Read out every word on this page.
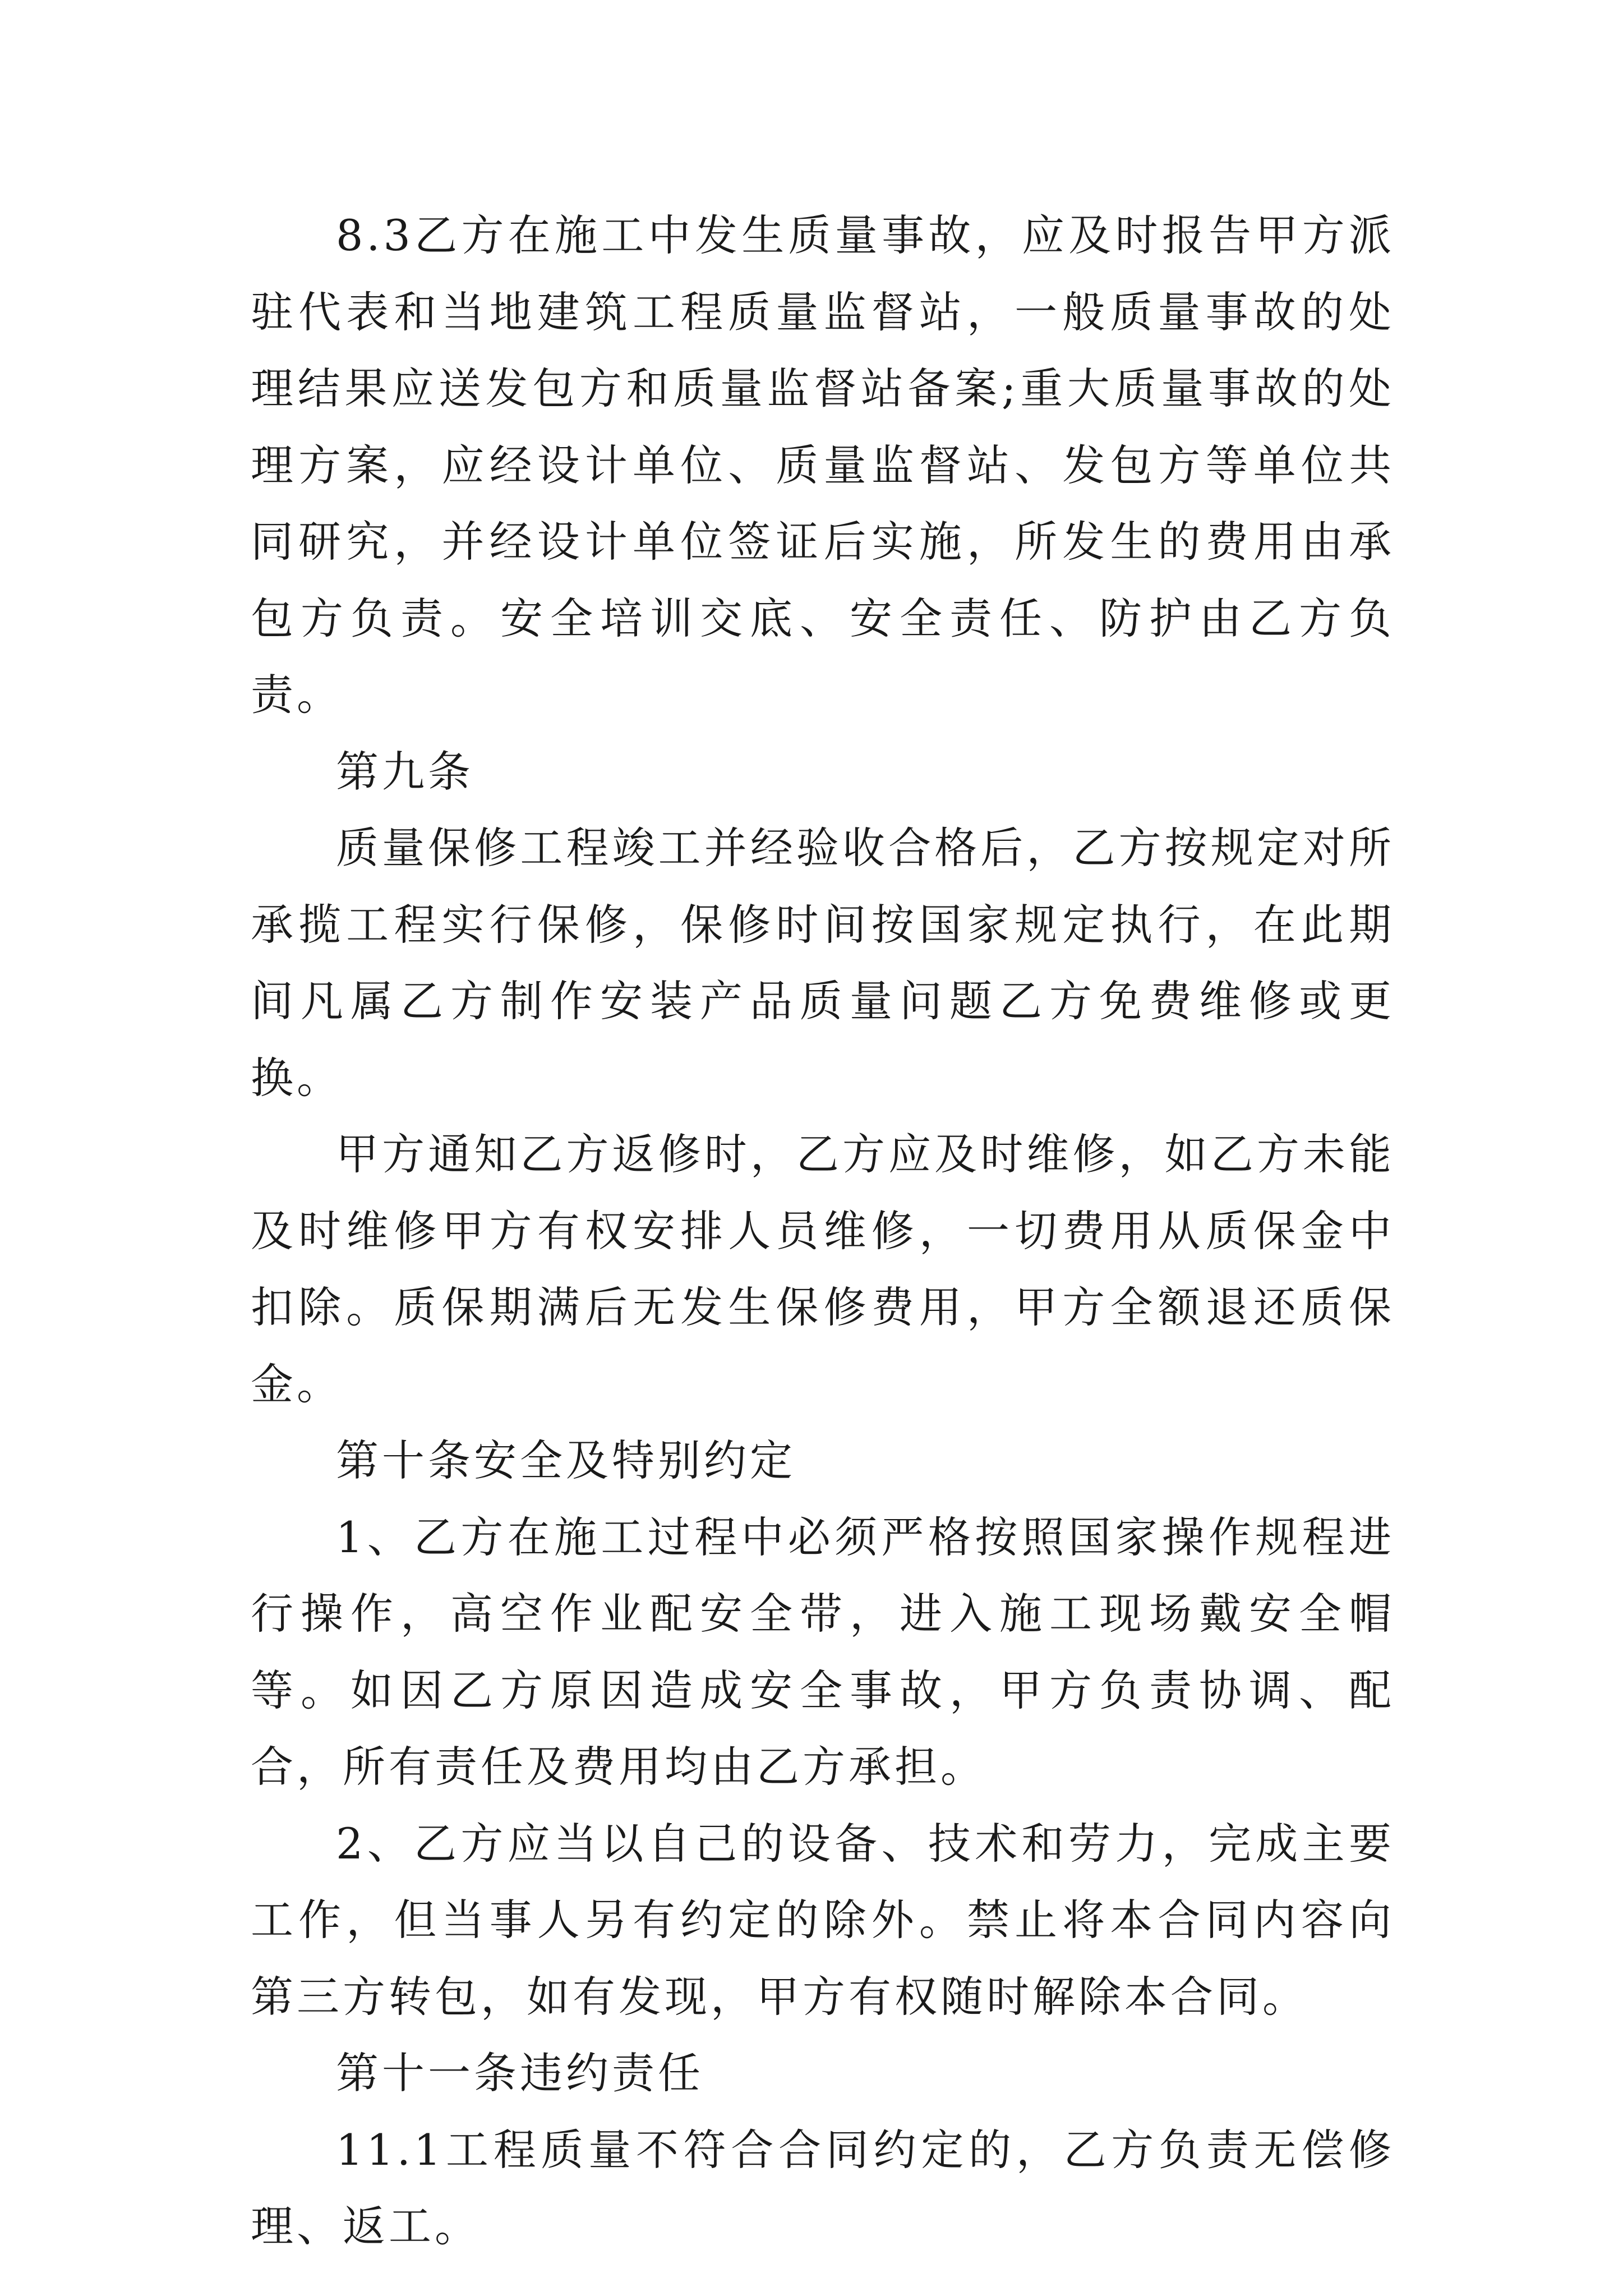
8.3乙方在施工中发生质量事故，应及时报告甲方派驻代表和当地建筑工程质量监督站，一般质量事故的处理结果应送发包方和质量监督站备案;重大质量事故的处理方案，应经设计单位、质量监督站、发包方等单位共同研究，并经设计单位签证后实施，所发生的费用由承包方负责。安全培训交底、安全责任、防护由乙方负责。

第九条

质量保修工程竣工并经验收合格后，乙方按规定对所承揽工程实行保修，保修时间按国家规定执行，在此期间凡属乙方制作安装产品质量问题乙方免费维修或更换。

甲方通知乙方返修时，乙方应及时维修，如乙方未能及时维修甲方有权安排人员维修，一切费用从质保金中扣除。质保期满后无发生保修费用，甲方全额退还质保金。

第十条安全及特别约定

1、乙方在施工过程中必须严格按照国家操作规程进行操作，高空作业配安全带，进入施工现场戴安全帽等。如因乙方原因造成安全事故，甲方负责协调、配合，所有责任及费用均由乙方承担。

2、乙方应当以自己的设备、技术和劳力，完成主要工作，但当事人另有约定的除外。禁止将本合同内容向第三方转包，如有发现，甲方有权随时解除本合同。

第十一条违约责任

11.1工程质量不符合合同约定的，乙方负责无偿修理、返工。
